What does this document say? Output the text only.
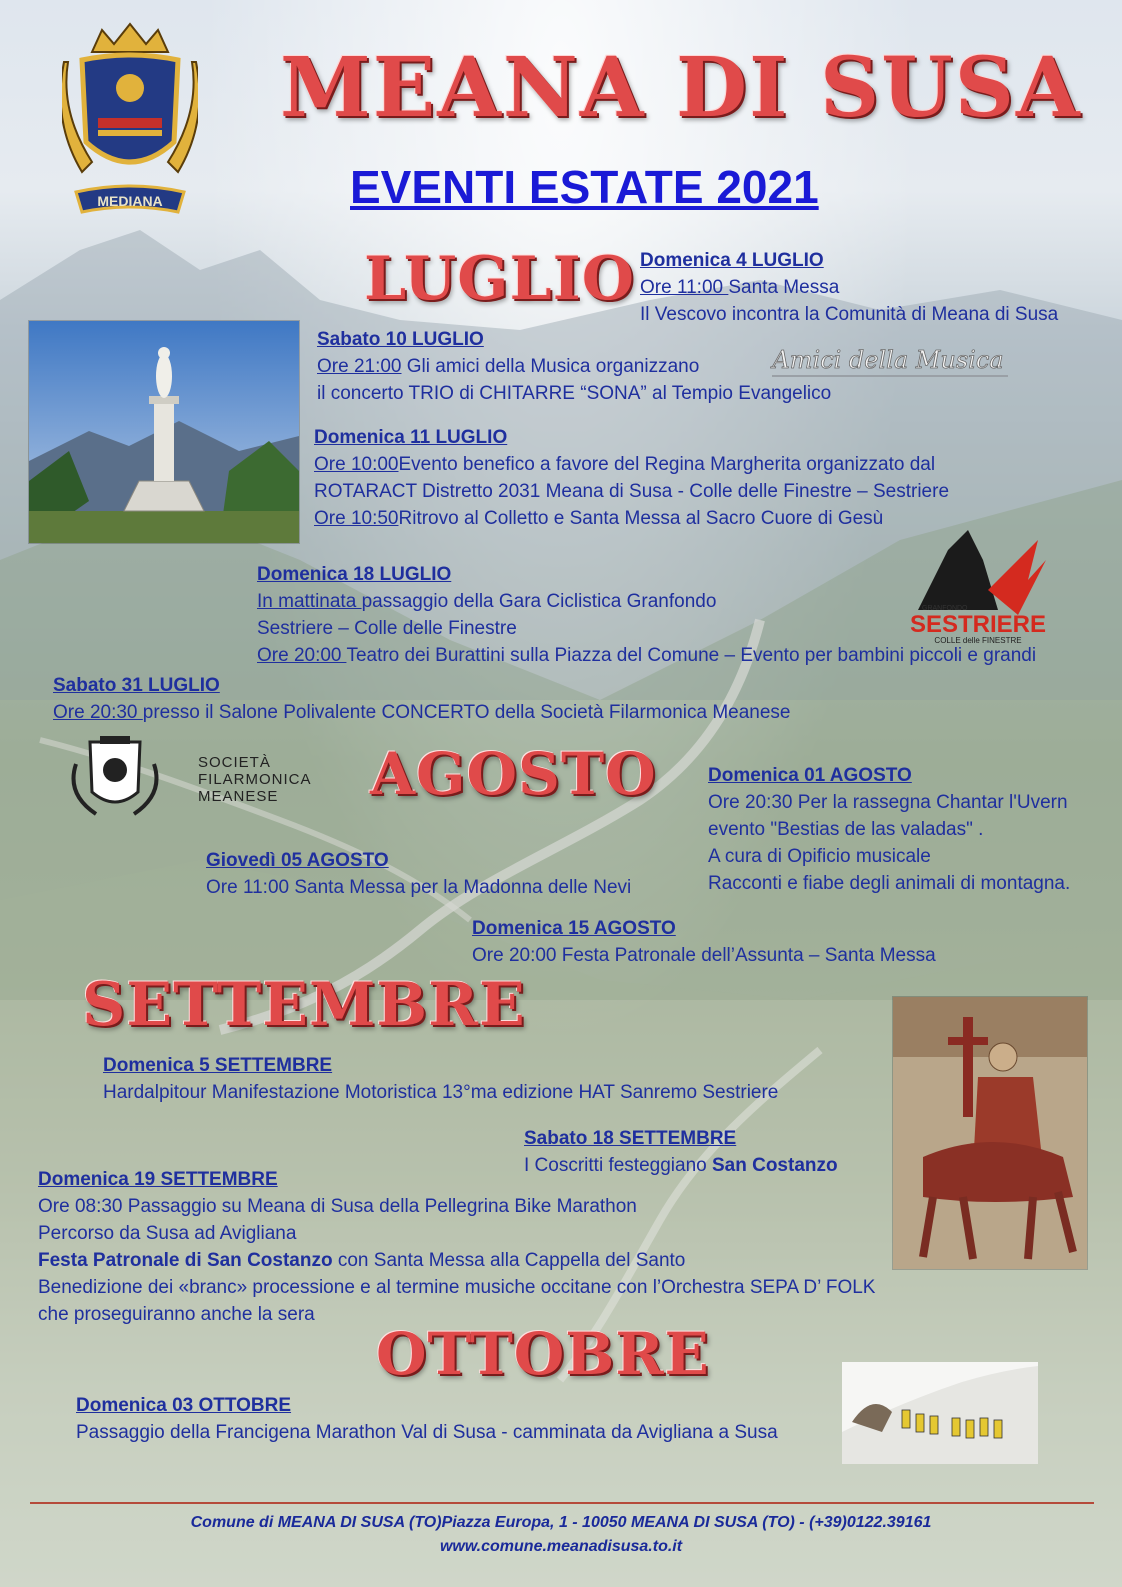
MEDIANA
MEANA DI SUSA
EVENTI ESTATE 2021
Amici della Musica
GRANFONDO
SESTRIERE
COLLE delle FINESTRE
SOCIETÀ
FILARMONICA
MEANESE
LUGLIO
AGOSTO
SETTEMBRE
OTTOBRE
Domenica 4 LUGLIO
Ore 11:00 Santa Messa
Il Vescovo incontra la Comunità di Meana di Susa
Sabato 10 LUGLIO
Ore 21:00 Gli amici della Musica organizzano
il concerto TRIO di CHITARRE “SONA” al Tempio Evangelico
Domenica 11 LUGLIO
Ore 10:00Evento benefico a favore del Regina Margherita organizzato dal
ROTARACT Distretto 2031 Meana di Susa - Colle delle Finestre – Sestriere
Ore 10:50Ritrovo al Colletto e Santa Messa al Sacro Cuore di Gesù
Domenica 18 LUGLIO
In mattinata passaggio della Gara Ciclistica Granfondo
Sestriere – Colle delle Finestre
Ore 20:00 Teatro dei Burattini sulla Piazza del Comune – Evento per bambini piccoli e grandi
Sabato 31 LUGLIO
Ore 20:30 presso il Salone Polivalente CONCERTO della Società Filarmonica Meanese
Domenica 01 AGOSTO
Ore 20:30 Per la rassegna Chantar l'Uvern
evento "Bestias de las valadas" .
A cura di Opificio musicale
Racconti e fiabe degli animali di montagna.
Giovedì 05 AGOSTO
Ore 11:00 Santa Messa per la Madonna delle Nevi
Domenica 15 AGOSTO
Ore 20:00 Festa Patronale dell’Assunta – Santa Messa
Domenica 5 SETTEMBRE
Hardalpitour Manifestazione Motoristica 13°ma edizione HAT Sanremo Sestriere
Sabato 18 SETTEMBRE
I Coscritti festeggiano San Costanzo
Domenica 19 SETTEMBRE
Ore 08:30 Passaggio su Meana di Susa della Pellegrina Bike Marathon
Percorso da Susa ad Avigliana
Festa Patronale di San Costanzo con Santa Messa alla Cappella del Santo
Benedizione dei «branc» processione e al termine musiche occitane con l’Orchestra SEPA D’ FOLK
che proseguiranno anche la sera
Domenica 03 OTTOBRE
Passaggio della Francigena Marathon Val di Susa - camminata da Avigliana a Susa
Comune di MEANA DI SUSA (TO)Piazza Europa, 1 - 10050 MEANA DI SUSA (TO) - (+39)0122.39161
www.comune.meanadisusa.to.it
